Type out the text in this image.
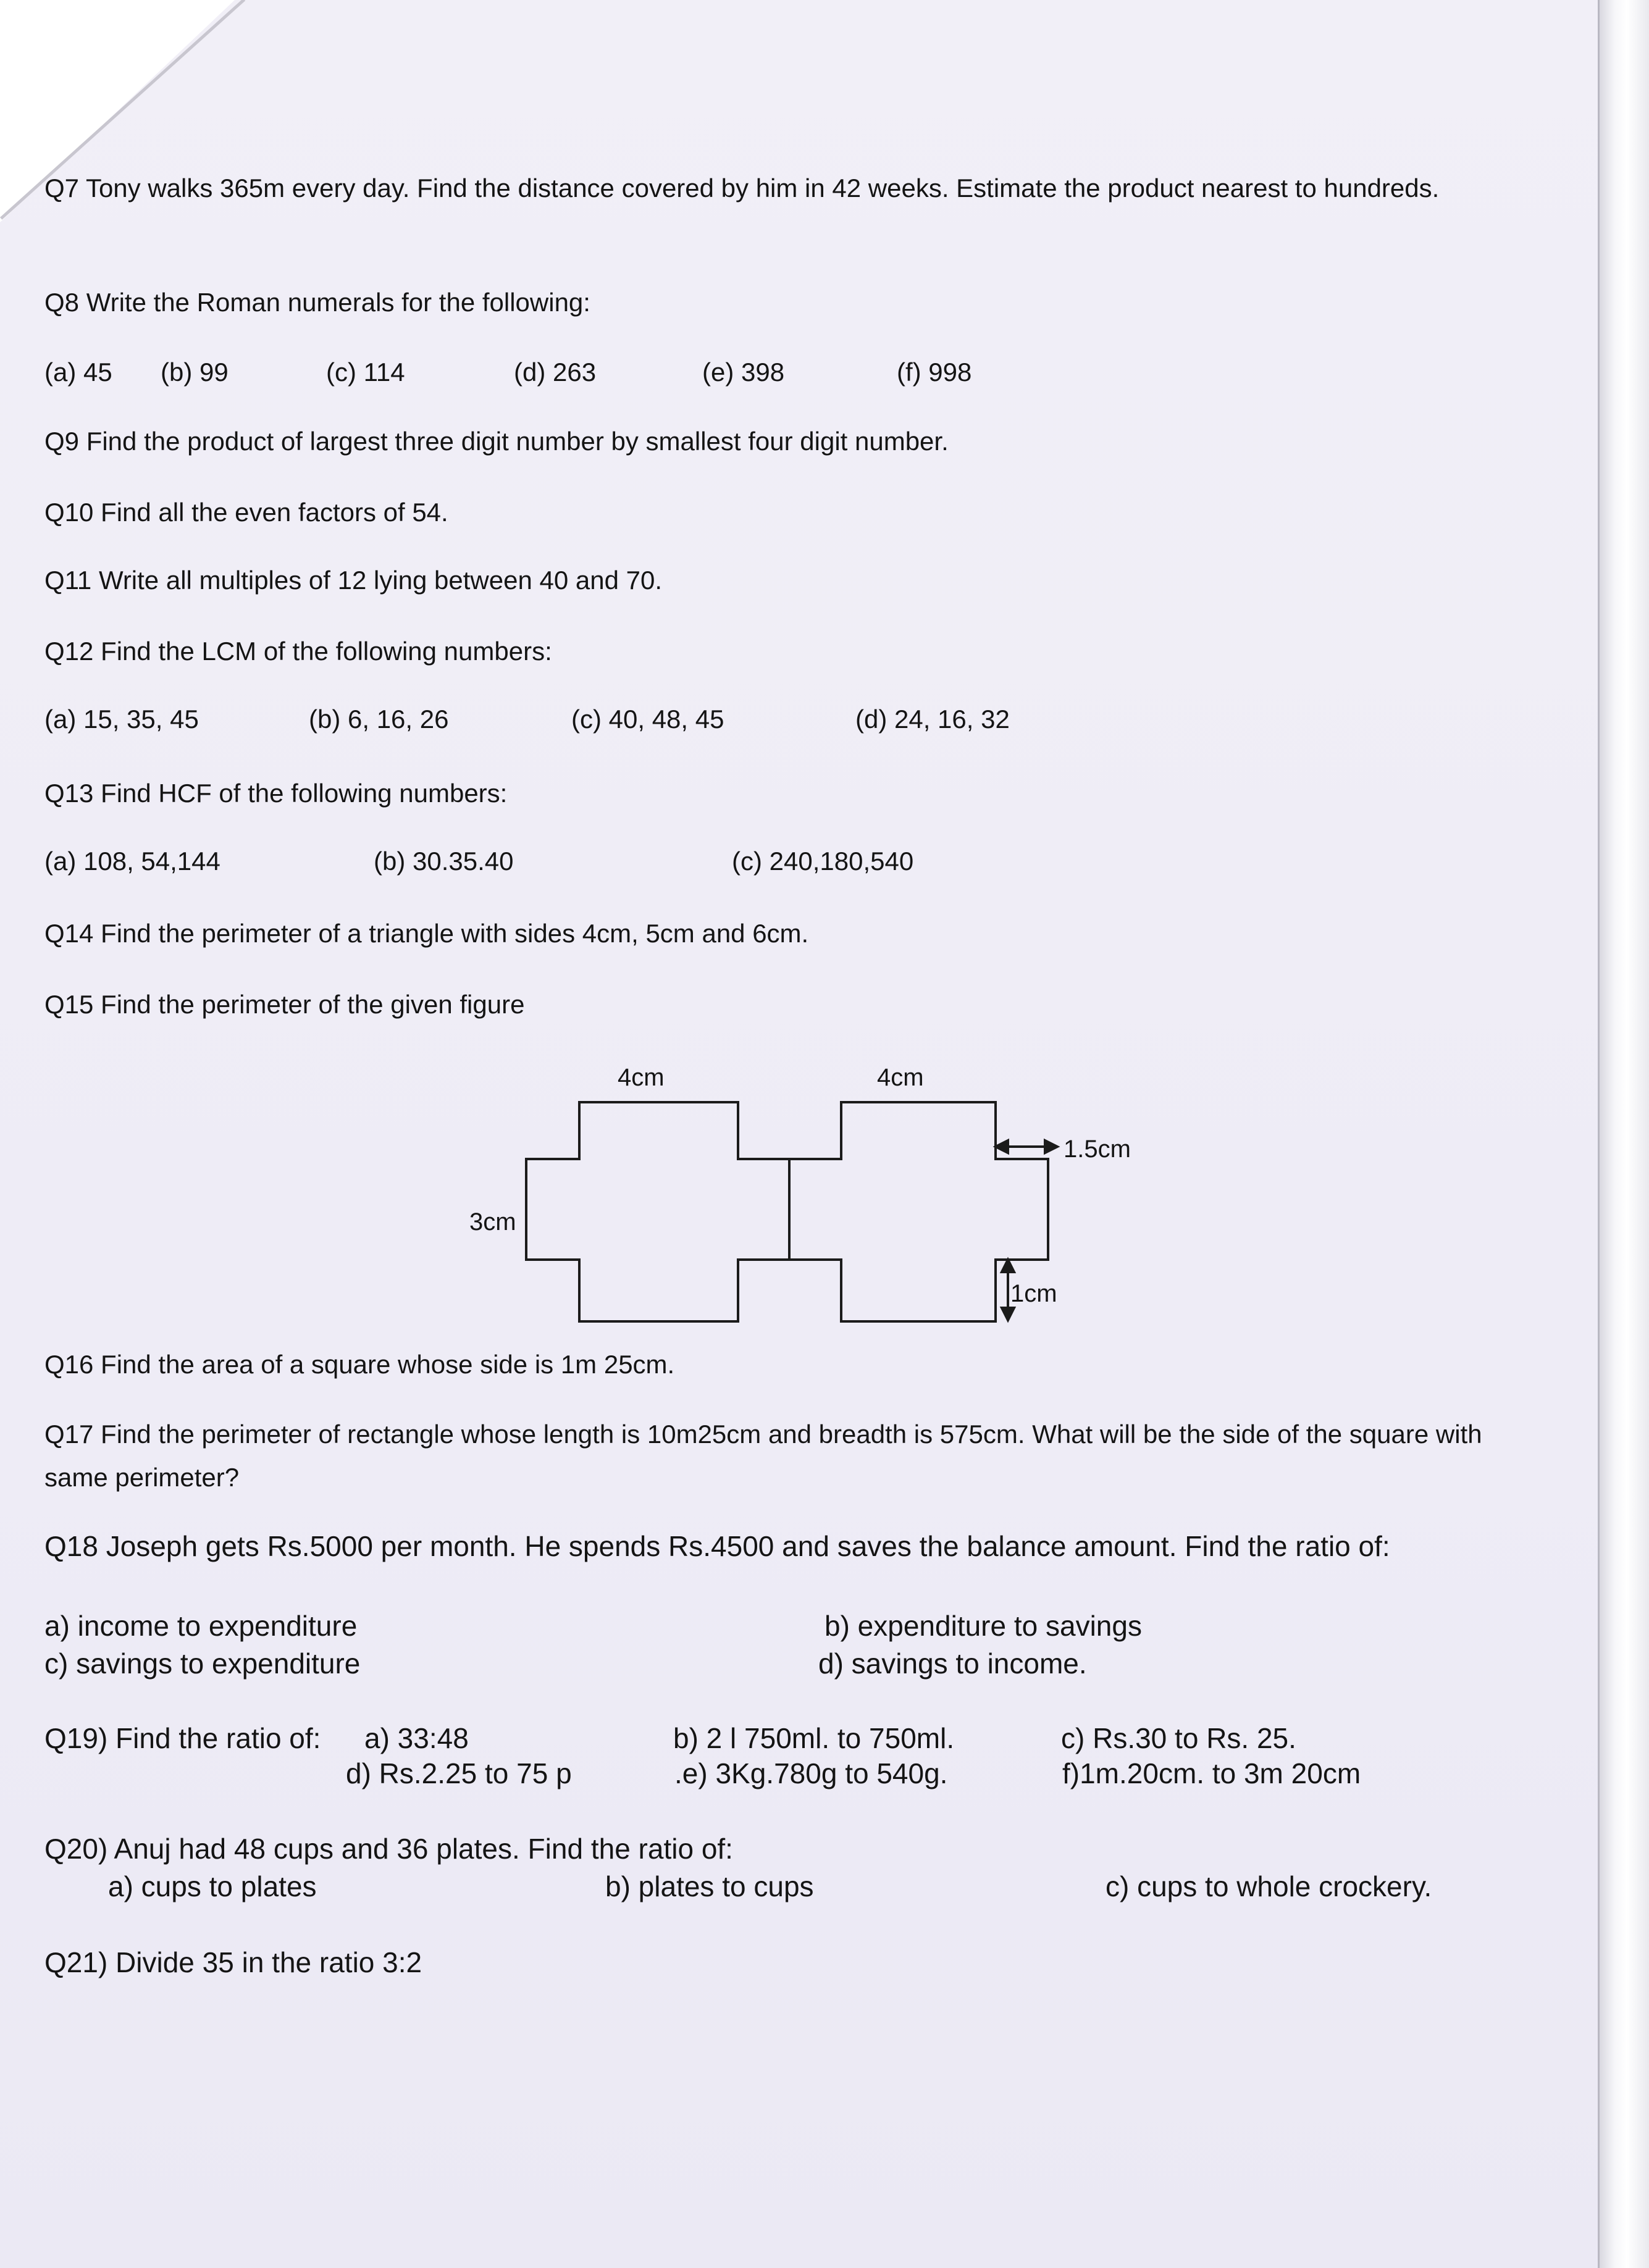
Q7 Tony walks 365m every day. Find the distance covered by him in 42 weeks. Estimate the product nearest to hundreds.

Q8 Write the Roman numerals for the following:

(a) 45 (b) 99	(c) 114	(d) 263	(e) 398	(f) 998

Q9 Find the product of largest three digit number by smallest four digit number.

Q10 Find all the even factors of 54.

Q11 Write all multiples of 12 lying between 40 and 70.

Q12 Find the LCM of the following numbers:

(a) 15, 35, 45	(b) 6, 16, 26	(c) 40, 48, 45	(d) 24, 16, 32

Q13 Find HCF of the following numbers:

(a) 108, 54,144	(b) 30.35.40	(c) 240,180,540

Q14 Find the perimeter of a triangle with sides 4cm, 5cm and 6cm.

Q15 Find the perimeter of the given figure

4cm	4cm
3cm
1.5cm
1cm

Q16 Find the area of a square whose side is 1m 25cm.

Q17 Find the perimeter of rectangle whose length is 10m25cm and breadth is 575cm. What will be the side of the square with same perimeter?

Q18 Joseph gets Rs.5000 per month. He spends Rs.4500 and saves the balance amount. Find the ratio of:

a) income to expenditure	b) expenditure to savings
c) savings to expenditure	d) savings to income.
Q19) Find the ratio of: a) 33:48	b) 2 l 750ml. to 750ml.	c) Rs.30 to Rs. 25.
d) Rs.2.25 to 75 p	.e) 3Kg.780g to 540g.	f)1m.20cm. to 3m 20cm
Q20) Anuj had 48 cups and 36 plates. Find the ratio of:
a) cups to plates	b) plates to cups	c) cups to whole crockery.
Q21) Divide 35 in the ratio 3:2
